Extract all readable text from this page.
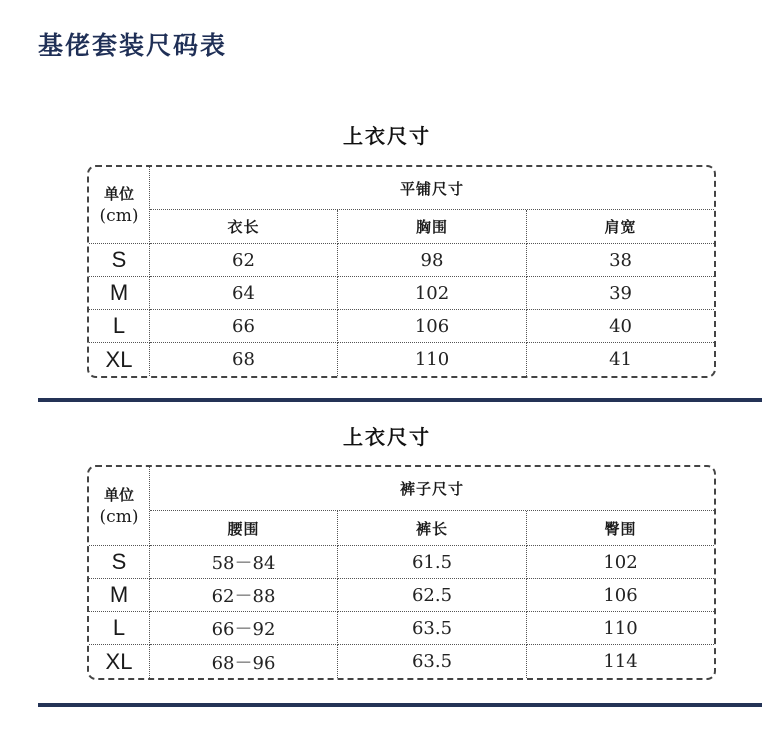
基佬套装尺码表
上衣尺寸
单位
(cm)	平铺尺寸		
	衣长	胸围	肩宽
S	62	98	38
M	64	102	39
L	66	106	40
XL	68	110	41
上衣尺寸
单位
(cm)	裤子尺寸		
	腰围	裤长	臀围
S	58－84	61.5	102
M	62－88	62.5	106
L	66－92	63.5	110
XL	68－96	63.5	114
